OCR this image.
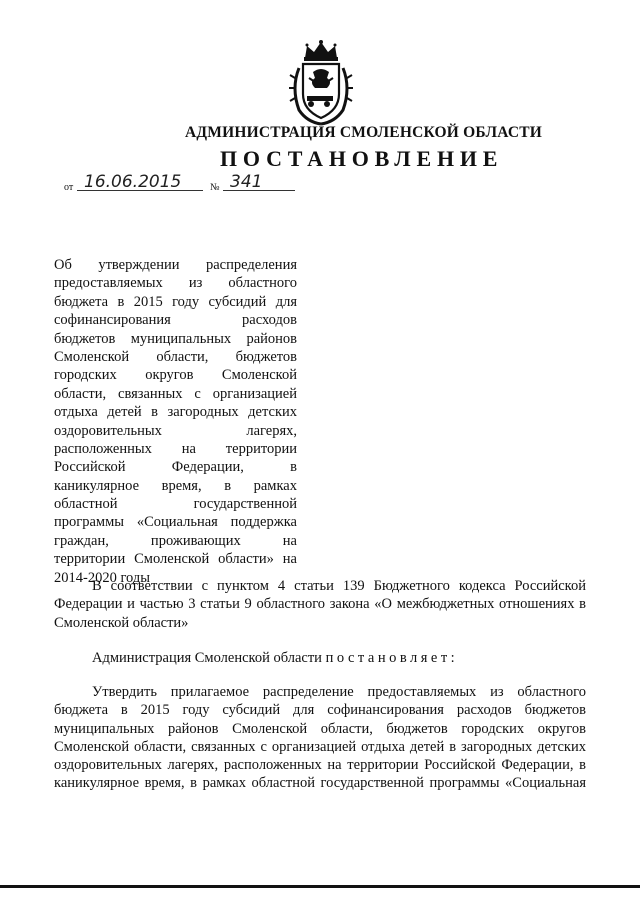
АДМИНИСТРАЦИЯ СМОЛЕНСКОЙ ОБЛАСТИ
ПОСТАНОВЛЕНИЕ
от 16.06.2015	№ 341
Об утверждении распределения
предоставляемых из областного
бюджета в 2015 году субсидий для
софинансирования расходов
бюджетов муниципальных районов
Смоленской области, бюджетов
городских округов Смоленской
области, связанных с организацией
отдыха детей в загородных детских
оздоровительных лагерях,
расположенных на территории
Российской Федерации, в
каникулярное время, в рамках
областной государственной
программы «Социальная поддержка
граждан, проживающих на
территории Смоленской области» на
2014-2020 годы
В соответствии с пунктом 4 статьи 139 Бюджетного кодекса Российской
Федерации и частью 3 статьи 9 областного закона «О межбюджетных отношениях в
Смоленской области»
Администрация Смоленской области постановляет:
Утвердить прилагаемое распределение предоставляемых из областного
бюджета в 2015 году субсидий для софинансирования расходов бюджетов
муниципальных районов Смоленской области, бюджетов городских округов
Смоленской области, связанных с организацией отдыха детей в загородных детских
оздоровительных лагерях, расположенных на территории Российской Федерации, в
каникулярное время, в рамках областной государственной программы «Социальная
